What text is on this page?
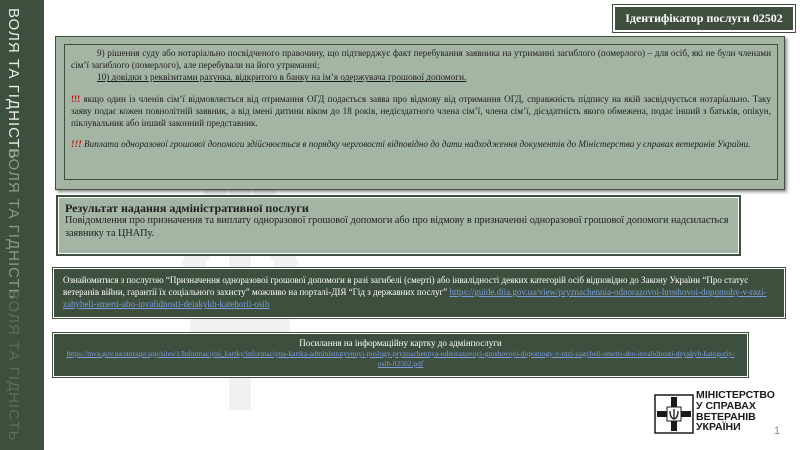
ВОЛЯ ТА ГІДНІСТЬ
ВОЛЯ ТА ГІДНІСТЬ
ВОЛЯ ТА ГІДНІСТЬ
Ідентифікатор послуги 02502

9) рішення суду або нотаріально посвідченого правочину, що підтверджує факт перебування заявника на утриманні загиблого (померлого) – для осіб, які не були членами сім’ї загиблого (померлого), але перебували на його утриманні;

10) довідки з реквізитами рахунка, відкритого в банку на ім’я одержувача грошової допомоги.

!!! якщо один із членів сім’ї відмовляється від отримання ОГД подається заява про відмову від отримання ОГД, справжність підпису на якій засвідчується нотаріально. Таку заяву подає кожен повнолітній заявник, а від імені дитини віком до 18 років, недієздатного члена сім’ї, члена сім’ї, дієздатність якого обмежена, подає інший з батьків, опікун, піклувальник або інший законний представник.

!!! Виплата одноразової грошової допомоги здійснюється в порядку черговості відповідно до дати надходження документів до Міністерства у справах ветеранів України.

Результат надання адміністративної послуги
Повідомлення про призначення та виплату одноразової грошової допомоги або про відмову в призначенні одноразової грошової допомоги надсилається заявнику та ЦНАПу.
Ознайомитися з послугою “Призначення одноразової грошової допомоги в разі загибелі (смерті) або інвалідності деяких категорій осіб відповідно до Закону України “Про статус ветеранів війни, гарантії їх соціального захисту” можливо на порталі-ДІЯ “Гід з державних послуг” https://guide.diia.gov.ua/view/pryznachennia-odnorazovoi-hroshovoi-dopomohy-v-razi-zahybeli-smerti-abo-invalidnosti-deiakykh-katehorii-osib
Посилання на інформаційну картку до адмінпослуги
https://mva.gov.ua/storage/app/sites/1/Informaciyni_kartky/informaciyna-kartka-administratyvnoyi-poslugy-pryznachennya-odnorazovoyi-groshovoyi-dopomogy-v-razi-zagybeli-smerti-abo-invalidnosti-deyakyh-kategoriy-osib-02502.pdf
МІНІСТЕРСТВО
У СПРАВАХ
ВЕТЕРАНІВ
УКРАЇНИ	1
